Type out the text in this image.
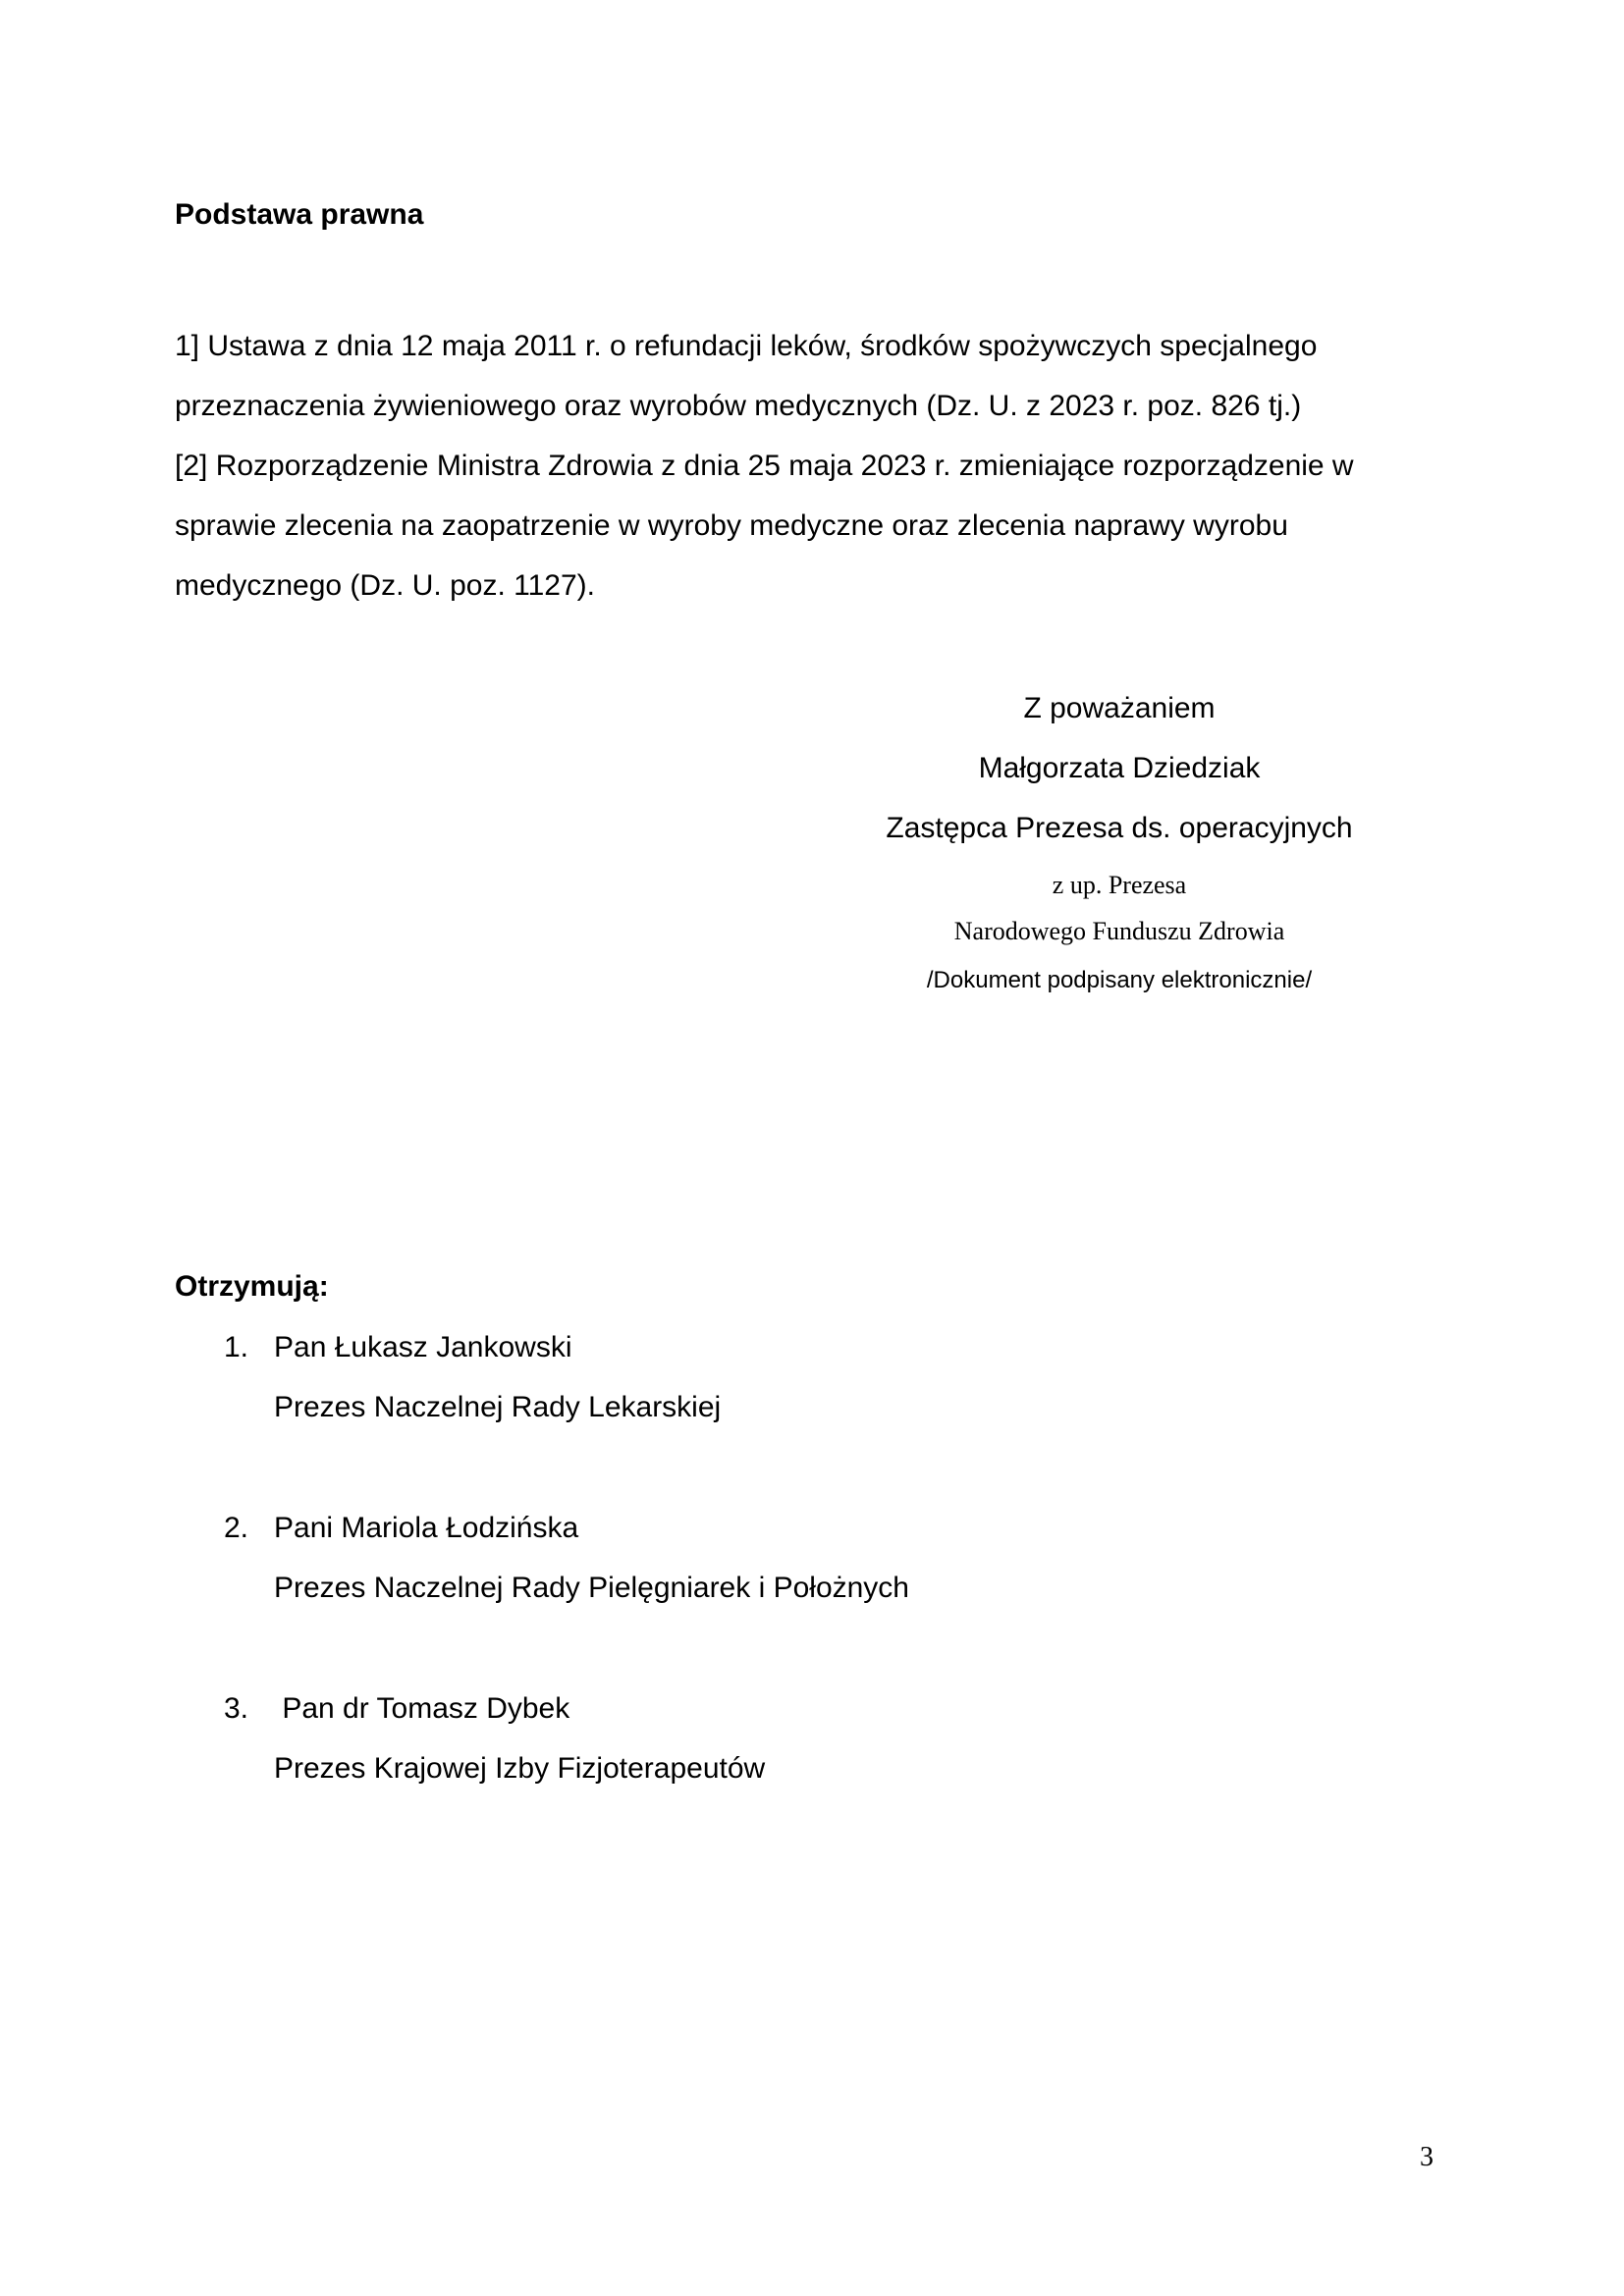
Podstawa prawna
1] Ustawa z dnia 12 maja 2011 r. o refundacji leków, środków spożywczych specjalnego
przeznaczenia żywieniowego oraz wyrobów medycznych (Dz. U. z 2023 r. poz. 826 tj.)
[2] Rozporządzenie Ministra Zdrowia z dnia 25 maja 2023 r. zmieniające rozporządzenie w
sprawie zlecenia na zaopatrzenie w wyroby medyczne oraz zlecenia naprawy wyrobu
medycznego (Dz. U. poz. 1127).
Z poważaniem
Małgorzata Dziedziak
Zastępca Prezesa ds. operacyjnych
z up. Prezesa
Narodowego Funduszu Zdrowia
/Dokument podpisany elektronicznie/
Otrzymują:
1. Pan Łukasz Jankowski
Prezes Naczelnej Rady Lekarskiej
2. Pani Mariola Łodzińska
Prezes Naczelnej Rady Pielęgniarek i Położnych
3. Pan dr Tomasz Dybek
Prezes Krajowej Izby Fizjoterapeutów
3
